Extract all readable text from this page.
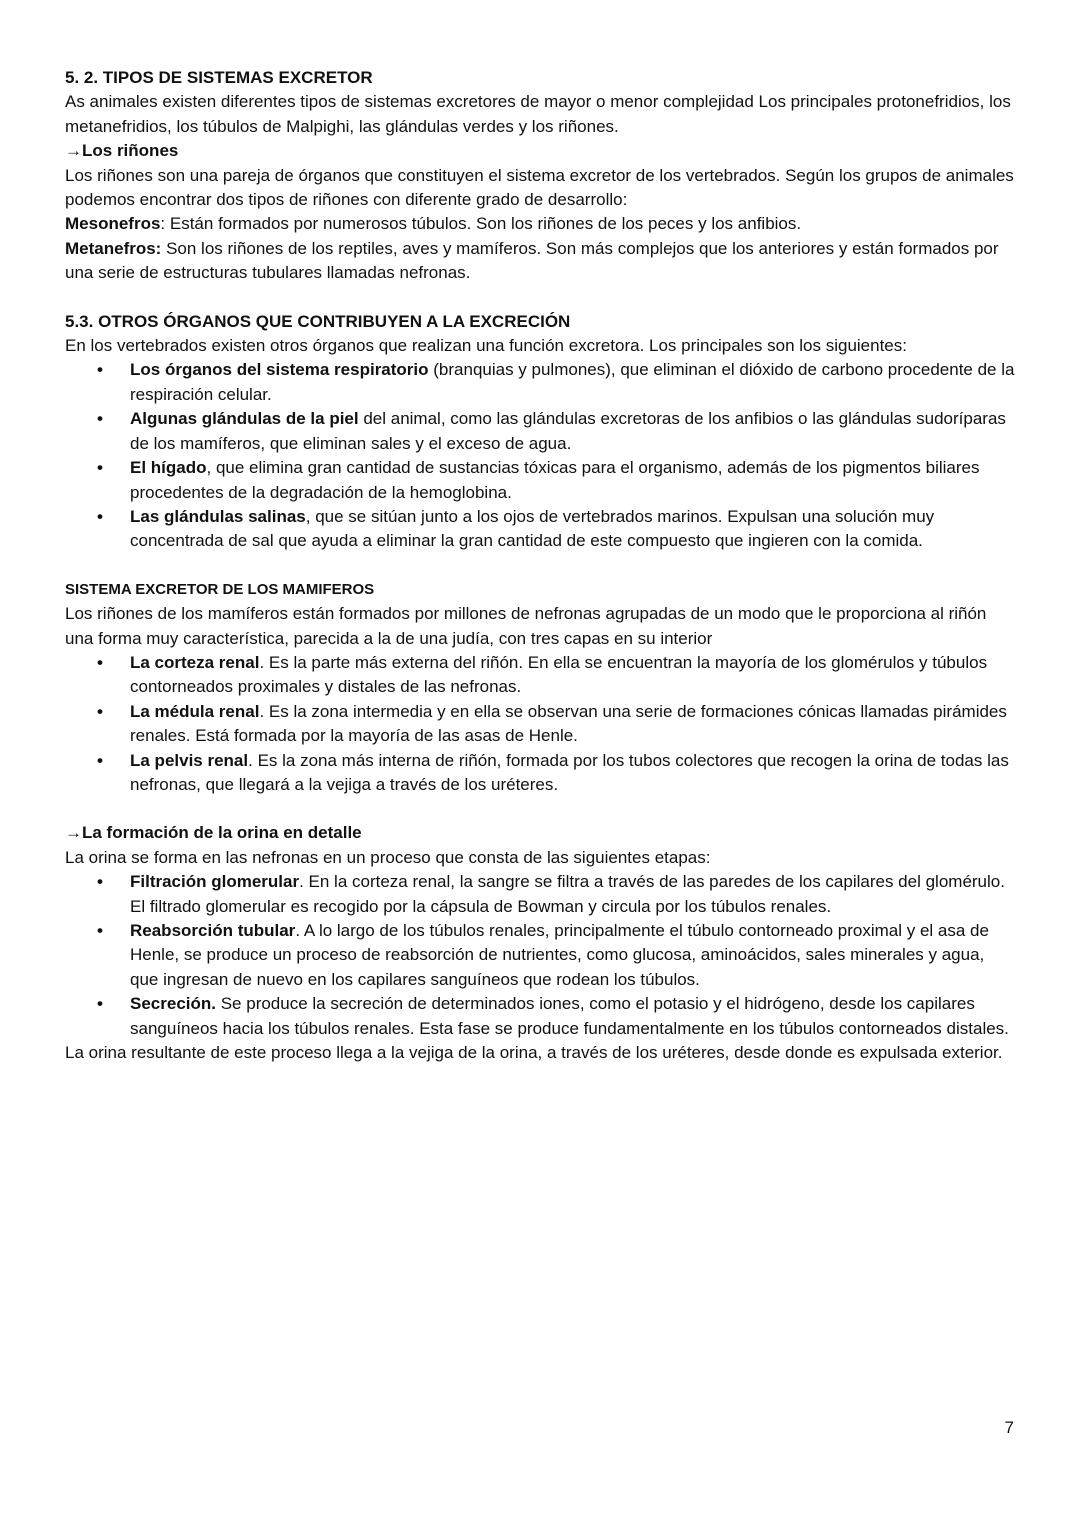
5. 2. TIPOS DE SISTEMAS EXCRETOR

As animales existen diferentes tipos de sistemas excretores de mayor o menor complejidad Los principales protonefridios, los metanefridios, los túbulos de Malpighi, las glándulas verdes y los riñones.

→Los riñones

Los riñones son una pareja de órganos que constituyen el sistema excretor de los vertebrados. Según los grupos de animales podemos encontrar dos tipos de riñones con diferente grado de desarrollo:

Mesonefros: Están formados por numerosos túbulos. Son los riñones de los peces y los anfibios.

Metanefros: Son los riñones de los reptiles, aves y mamíferos. Son más complejos que los anteriores y están formados por una serie de estructuras tubulares llamadas nefronas.

5.3. OTROS ÓRGANOS QUE CONTRIBUYEN A LA EXCRECIÓN

En los vertebrados existen otros órganos que realizan una función excretora. Los principales son los siguientes:

• Los órganos del sistema respiratorio (branquias y pulmones), que eliminan el dióxido de carbono procedente de la respiración celular.
• Algunas glándulas de la piel del animal, como las glándulas excretoras de los anfibios o las glándulas sudoríparas de los mamíferos, que eliminan sales y el exceso de agua.
• El hígado, que elimina gran cantidad de sustancias tóxicas para el organismo, además de los pigmentos biliares procedentes de la degradación de la hemoglobina.
• Las glándulas salinas, que se sitúan junto a los ojos de vertebrados marinos. Expulsan una solución muy concentrada de sal que ayuda a eliminar la gran cantidad de este compuesto que ingieren con la comida.

SISTEMA EXCRETOR DE LOS MAMIFEROS

Los riñones de los mamíferos están formados por millones de nefronas agrupadas de un modo que le proporciona al riñón una forma muy característica, parecida a la de una judía, con tres capas en su interior

• La corteza renal. Es la parte más externa del riñón. En ella se encuentran la mayoría de los glomérulos y túbulos contorneados proximales y distales de las nefronas.
• La médula renal. Es la zona intermedia y en ella se observan una serie de formaciones cónicas llamadas pirámides renales. Está formada por la mayoría de las asas de Henle.
• La pelvis renal. Es la zona más interna de riñón, formada por los tubos colectores que recogen la orina de todas las nefronas, que llegará a la vejiga a través de los uréteres.

→La formación de la orina en detalle

La orina se forma en las nefronas en un proceso que consta de las siguientes etapas:

• Filtración glomerular. En la corteza renal, la sangre se filtra a través de las paredes de los capilares del glomérulo. El filtrado glomerular es recogido por la cápsula de Bowman y circula por los túbulos renales.
• Reabsorción tubular. A lo largo de los túbulos renales, principalmente el túbulo contorneado proximal y el asa de Henle, se produce un proceso de reabsorción de nutrientes, como glucosa, aminoácidos, sales minerales y agua, que ingresan de nuevo en los capilares sanguíneos que rodean los túbulos.
• Secreción. Se produce la secreción de determinados iones, como el potasio y el hidrógeno, desde los capilares sanguíneos hacia los túbulos renales. Esta fase se produce fundamentalmente en los túbulos contorneados distales.

La orina resultante de este proceso llega a la vejiga de la orina, a través de los uréteres, desde donde es expulsada exterior.

7
